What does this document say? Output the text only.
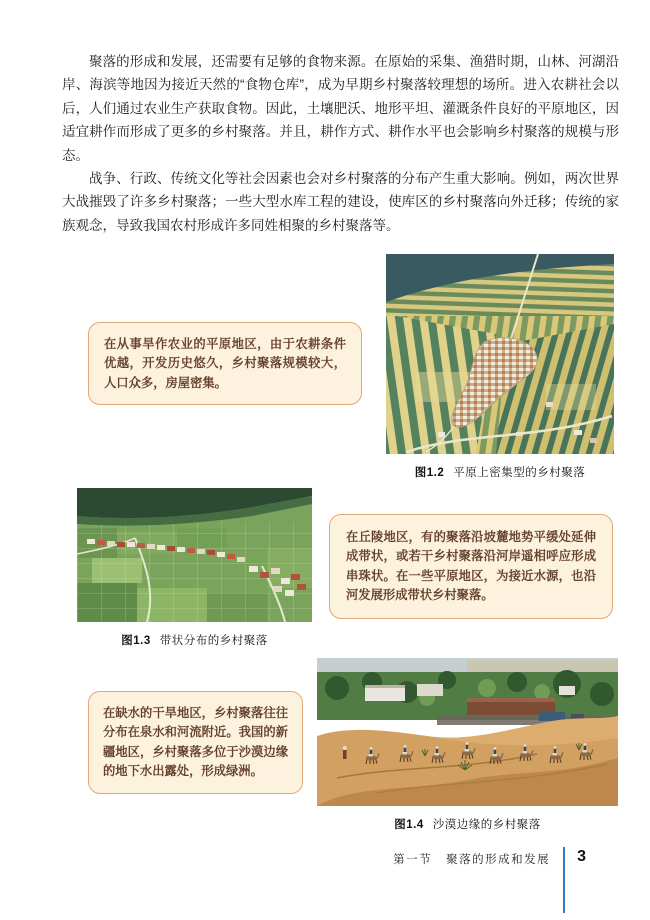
聚落的形成和发展，还需要有足够的食物来源。在原始的采集、渔猎时期，山林、河湖沿岸、海滨等地因为接近天然的“食物仓库”，成为早期乡村聚落较理想的场所。进入农耕社会以后，人们通过农业生产获取食物。因此，土壤肥沃、地形平坦、灌溉条件良好的平原地区，因适宜耕作而形成了更多的乡村聚落。并且，耕作方式、耕作水平也会影响乡村聚落的规模与形态。

战争、行政、传统文化等社会因素也会对乡村聚落的分布产生重大影响。例如，两次世界大战摧毁了许多乡村聚落；一些大型水库工程的建设，使库区的乡村聚落向外迁移；传统的家族观念，导致我国农村形成许多同姓相聚的乡村聚落等。

图1.2 平原上密集型的乡村聚落

在从事旱作农业的平原地区，由于农耕条件优越，开发历史悠久，乡村聚落规模较大，人口众多，房屋密集。

图1.3 带状分布的乡村聚落

在丘陵地区，有的聚落沿坡麓地势平缓处延伸成带状，或若干乡村聚落沿河岸遥相呼应形成串珠状。在一些平原地区，为接近水源，也沿河发展形成带状乡村聚落。

在缺水的干旱地区，乡村聚落往往分布在泉水和河流附近。我国的新疆地区，乡村聚落多位于沙漠边缘的地下水出露处，形成绿洲。

图1.4 沙漠边缘的乡村聚落
第一节 聚落的形成和发展 3
